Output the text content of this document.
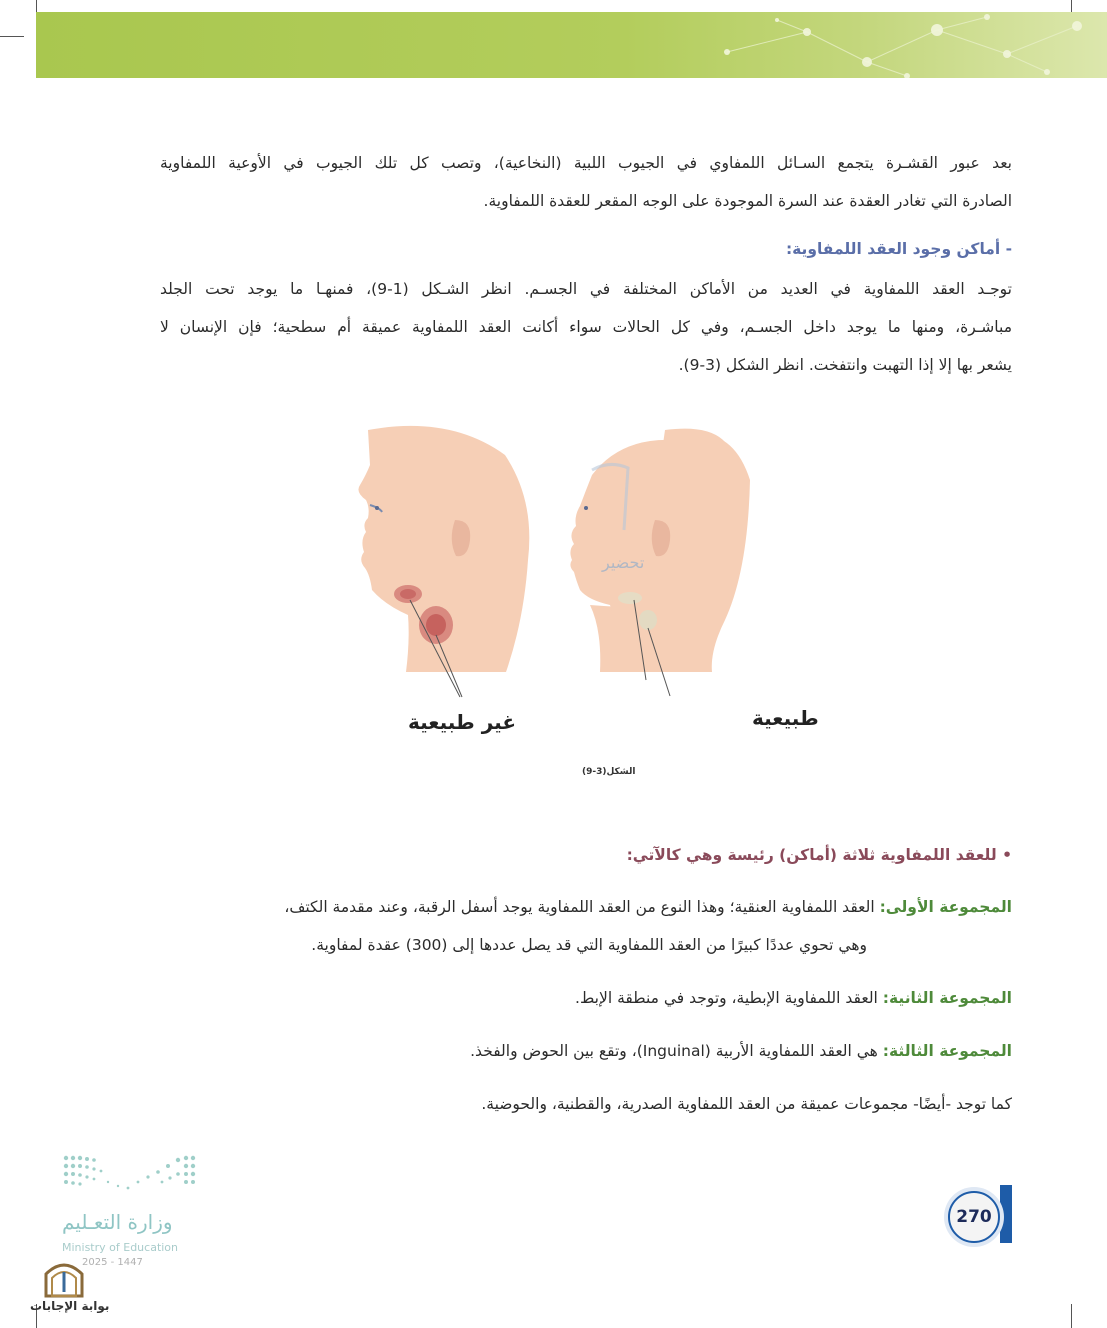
بعد عبور القشـرة يتجمع السـائل اللمفاوي في الجيوب اللبية (النخاعية)، وتصب كل تلك الجيوب في الأوعية اللمفاوية
الصادرة التي تغادر العقدة عند السرة الموجودة على الوجه المقعر للعقدة اللمفاوية.
- أماكن وجود العقد اللمفاوية:
توجـد العقد اللمفاوية في العديد من الأماكن المختلفة في الجسـم. انظر الشـكل (1-9)، فمنهـا ما يوجد تحت الجلد
مباشـرة، ومنها ما يوجد داخل الجسـم، وفي كل الحالات سواء أكانت العقد اللمفاوية عميقة أم سطحية؛ فإن الإنسان لا
يشعر بها إلا إذا التهبت وانتفخت. انظر الشكل (3-9).
تحضير
طبيعية
غير طبيعية
الشكل(3-9)
• للعقد اللمفاوية ثلاثة (أماكن) رئيسة وهي كالآتي:
المجموعة الأولى: العقد اللمفاوية العنقية؛ وهذا النوع من العقد اللمفاوية يوجد أسفل الرقبة، وعند مقدمة الكتف،
وهي تحوي عددًا كبيرًا من العقد اللمفاوية التي قد يصل عددها إلى (300) عقدة لمفاوية.
المجموعة الثانية: العقد اللمفاوية الإبطية، وتوجد في منطقة الإبط.
المجموعة الثالثة: هي العقد اللمفاوية الأربية (Inguinal)، وتقع بين الحوض والفخذ.
كما توجد -أيضًا- مجموعات عميقة من العقد اللمفاوية الصدرية، والقطنية، والحوضية.
270
وزارة التعـليم
Ministry of Education
2025 - 1447
بوابة الإجابات
